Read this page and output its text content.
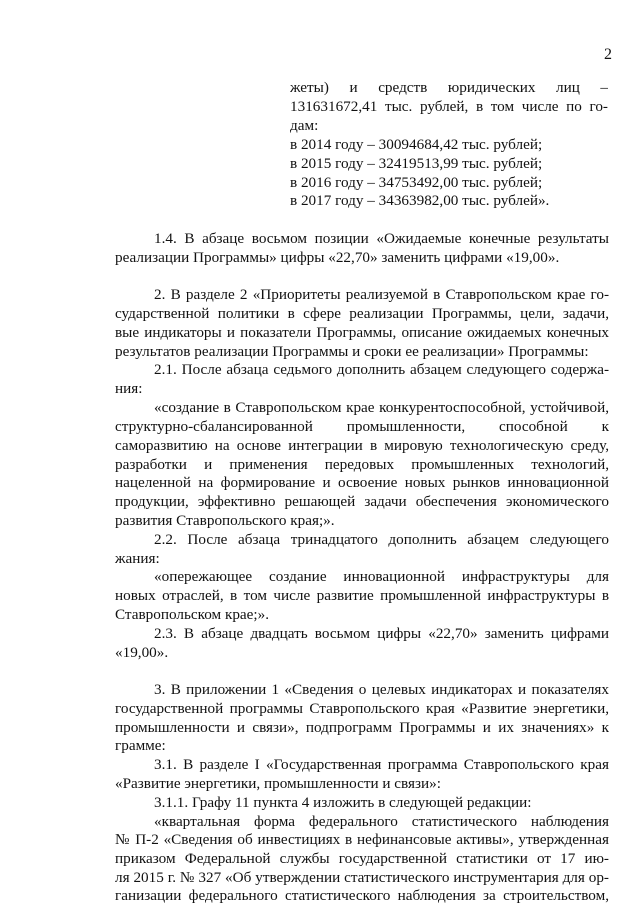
2
жеты) и средств юридических лиц –
131631672,41 тыс. рублей, в том числе по го-
дам:
в 2014 году – 30094684,42 тыс. рублей;
в 2015 году – 32419513,99 тыс. рублей;
в 2016 году – 34753492,00 тыс. рублей;
в 2017 году – 34363982,00 тыс. рублей».
1.4. В абзаце восьмом позиции «Ожидаемые конечные результаты
реализации Программы» цифры «22,70» заменить цифрами «19,00».
2. В разделе 2 «Приоритеты реализуемой в Ставропольском крае го-
сударственной политики в сфере реализации Программы, цели, задачи,
вые индикаторы и показатели Программы, описание ожидаемых конечных
результатов реализации Программы и сроки ее реализации» Программы:
2.1. После абзаца седьмого дополнить абзацем следующего содержа-
ния:
«создание в Ставропольском крае конкурентоспособной, устойчивой,
структурно-сбалансированной промышленности, способной к
саморазвитию на основе интеграции в мировую технологическую среду,
разработки и применения передовых промышленных технологий,
нацеленной на формирование и освоение новых рынков инновационной
продукции, эффективно решающей задачи обеспечения экономического
развития Ставропольского края;».
2.2. После абзаца тринадцатого дополнить абзацем следующего
жания:
«опережающее создание инновационной инфраструктуры для
новых отраслей, в том числе развитие промышленной инфраструктуры в
Ставропольском крае;».
2.3. В абзаце двадцать восьмом цифры «22,70» заменить цифрами
«19,00».
3. В приложении 1 «Сведения о целевых индикаторах и показателях
государственной программы Ставропольского края «Развитие энергетики,
промышленности и связи», подпрограмм Программы и их значениях» к
грамме:
3.1. В разделе I «Государственная программа Ставропольского края
«Развитие энергетики, промышленности и связи»:
3.1.1. Графу 11 пункта 4 изложить в следующей редакции:
«квартальная форма федерального статистического наблюдения
№ П-2 «Сведения об инвестициях в нефинансовые активы», утвержденная
приказом Федеральной службы государственной статистики от 17 ию-
ля 2015 г. № 327 «Об утверждении статистического инструментария для ор-
ганизации федерального статистического наблюдения за строительством,
